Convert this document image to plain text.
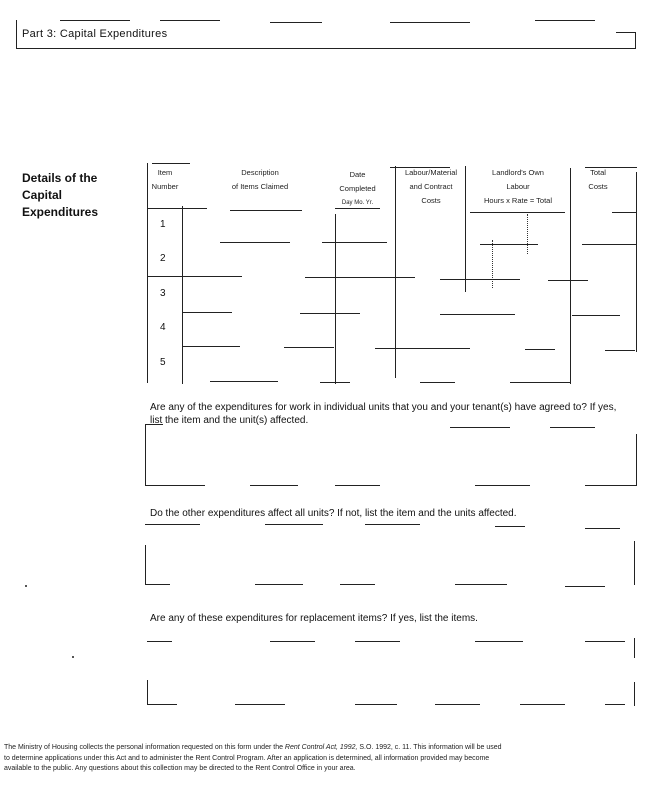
Part 3: Capital Expenditures
Details of the Capital Expenditures
Item
Number
Description
of Items Claimed
Date
Completed
Day Mo. Yr.
Labour/Material
and Contract
Costs
Landlord's Own
Labour
Hours x Rate = Total
Total
Costs
1
2
3
4
5
Are any of the expenditures for work in individual units that you and your tenant(s) have agreed to? If yes, list the item and the unit(s) affected.
Do the other expenditures affect all units? If not, list the item and the units affected.
Are any of these expenditures for replacement items? If yes, list the items.
The Ministry of Housing collects the personal information requested on this form under the Rent Control Act, 1992, S.O. 1992, c. 11. This information will be used to determine applications under this Act and to administer the Rent Control Program. After an application is determined, all information provided may become available to the public. Any questions about this collection may be directed to the Rent Control Office in your area.
